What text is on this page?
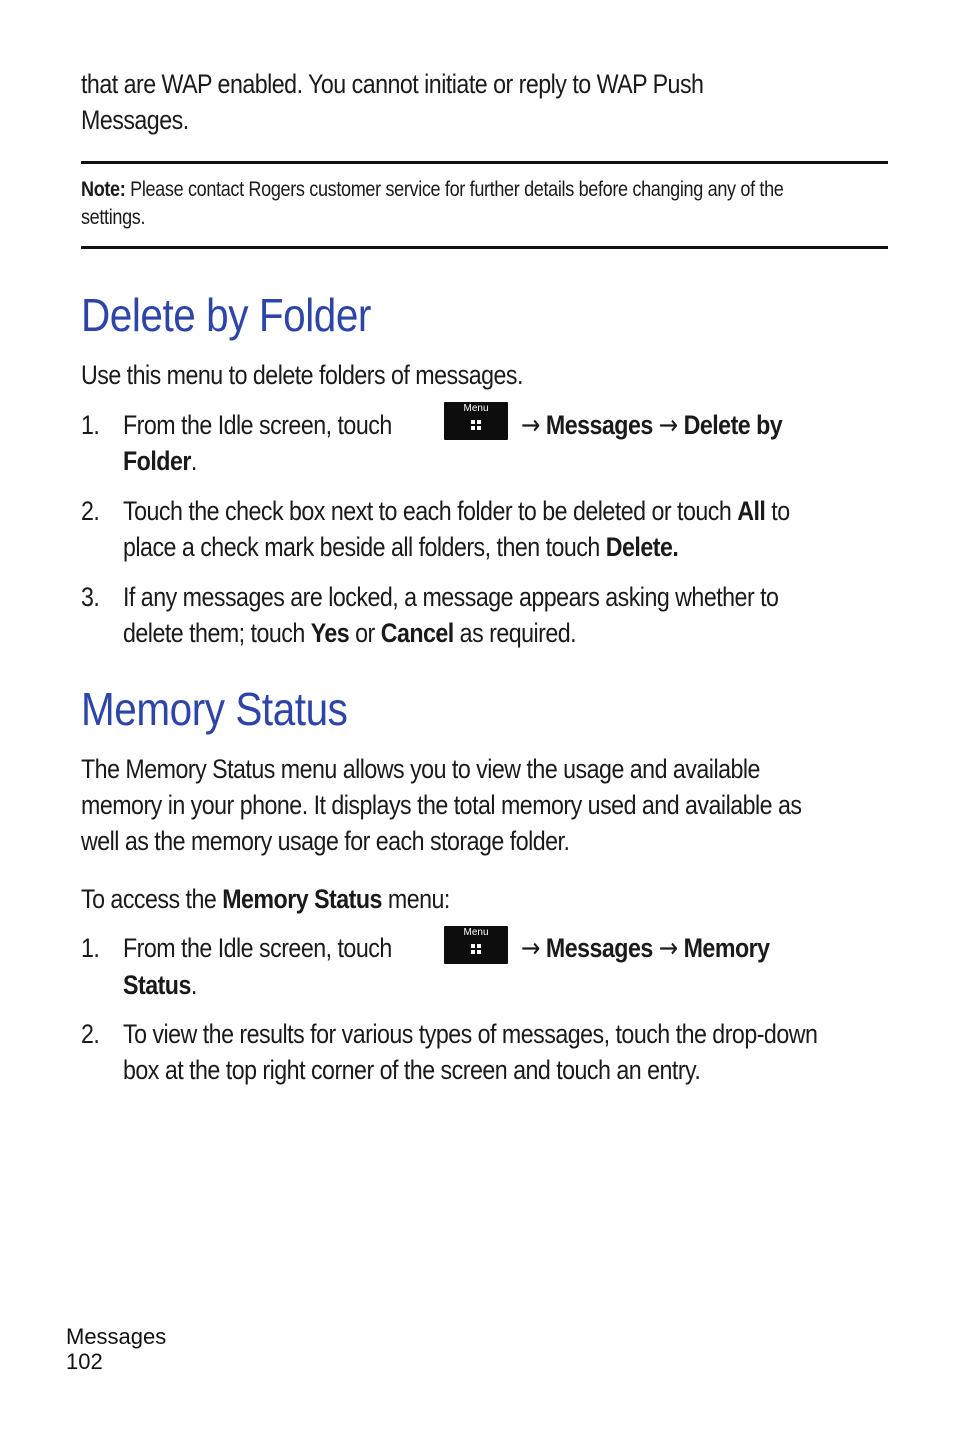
that are WAP enabled. You cannot initiate or reply to WAP Push
Messages.
Note: Please contact Rogers customer service for further details before changing any of the
settings.
Delete by Folder
Use this menu to delete folders of messages.
1. From the Idle screen, touch
Menu
→ Messages → Delete by
Folder.
2. Touch the check box next to each folder to be deleted or touch All to
place a check mark beside all folders, then touch Delete.
3. If any messages are locked, a message appears asking whether to
delete them; touch Yes or Cancel as required.
Memory Status
The Memory Status menu allows you to view the usage and available
memory in your phone. It displays the total memory used and available as
well as the memory usage for each storage folder.
To access the Memory Status menu:
1. From the Idle screen, touch
Menu
→ Messages → Memory
Status.
2. To view the results for various types of messages, touch the drop-down
box at the top right corner of the screen and touch an entry.
Messages
102
